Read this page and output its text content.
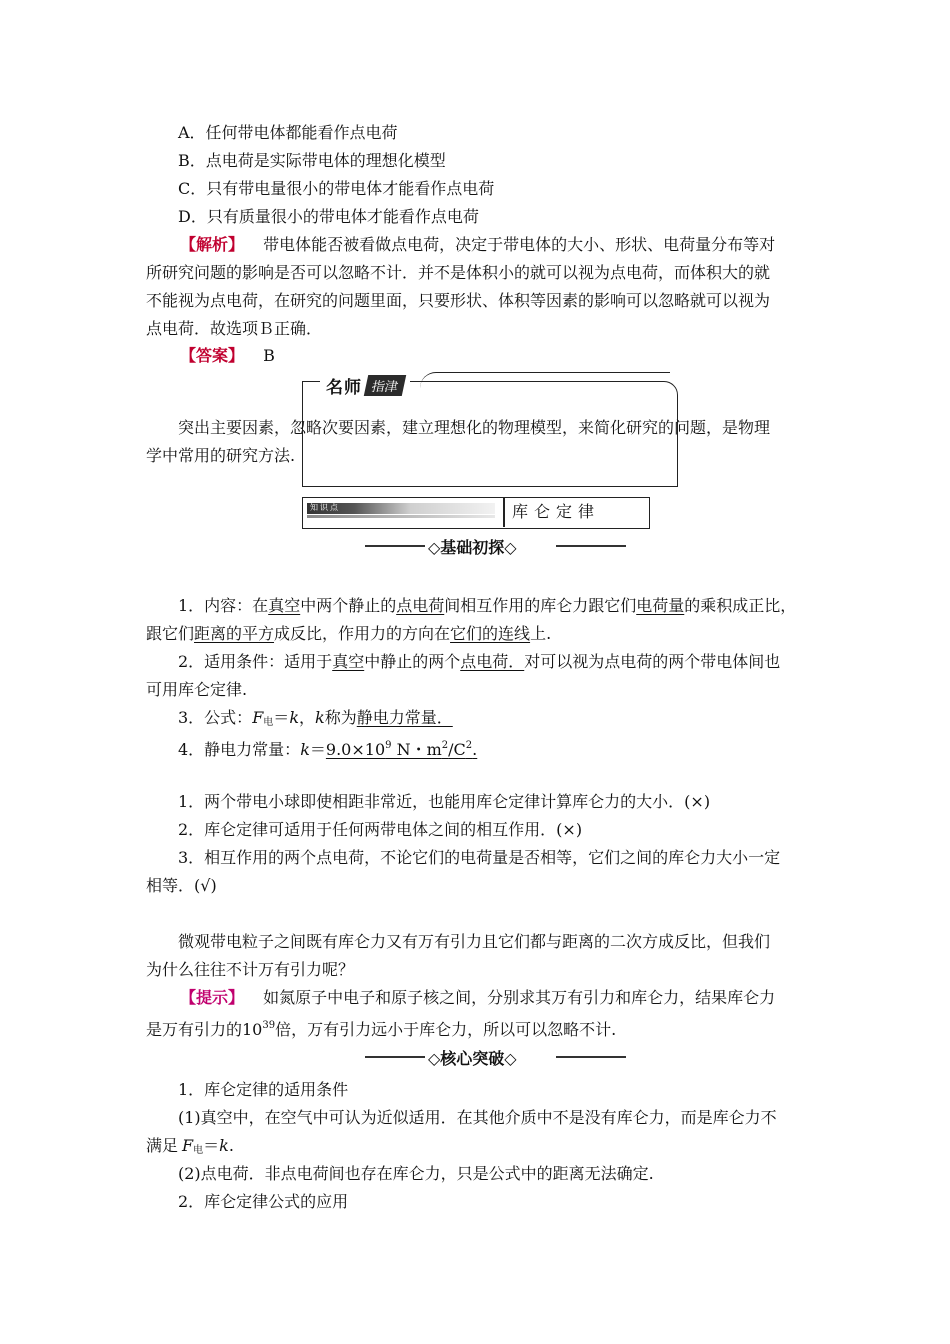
A．任何带电体都能看作点电荷
B．点电荷是实际带电体的理想化模型
C．只有带电量很小的带电体才能看作点电荷
D．只有质量很小的带电体才能看作点电荷
【解析】 带电体能否被看做点电荷，决定于带电体的大小、形状、电荷量分布等对
所研究问题的影响是否可以忽略不计．并不是体积小的就可以视为点电荷，而体积大的就
不能视为点电荷，在研究的问题里面，只要形状、体积等因素的影响可以忽略就可以视为
点电荷．故选项Ｂ正确．
【答案】 B
名师 指津
突出主要因素，忽略次要因素，建立理想化的物理模型，来简化研究的问题，是物理
学中常用的研究方法.
知识点	库仑定律
◇基础初探◇
1．内容：在真空中两个静止的点电荷间相互作用的库仑力跟它们电荷量的乘积成正比，
跟它们距离的平方成反比，作用力的方向在它们的连线上.
2．适用条件：适用于真空中静止的两个点电荷．对可以视为点电荷的两个带电体间也
可用库仑定律.
3．公式：$F_电=k$，k称为静电力常量．
4．静电力常量：$k=9.0\times 10^9$ N・$m^2/C^2$.
1．两个带电小球即使相距非常近，也能用库仑定律计算库仑力的大小．(×)
2．库仑定律可适用于任何两带电体之间的相互作用．(×)
3．相互作用的两个点电荷，不论它们的电荷量是否相等，它们之间的库仑力大小一定
相等．(√)
微观带电粒子之间既有库仑力又有万有引力且它们都与距离的二次方成反比，但我们
为什么往往不计万有引力呢？
【提示】 如氮原子中电子和原子核之间，分别求其万有引力和库仑力，结果库仑力
是万有引力的$10^{39}$倍，万有引力远小于库仑力，所以可以忽略不计.
◇核心突破◇
1．库仑定律的适用条件
(1)真空中，在空气中可认为近似适用．在其他介质中不是没有库仑力，而是库仑力不
满足 $F_电=k$.
(2)点电荷．非点电荷间也存在库仑力，只是公式中的距离无法确定.
2．库仑定律公式的应用
